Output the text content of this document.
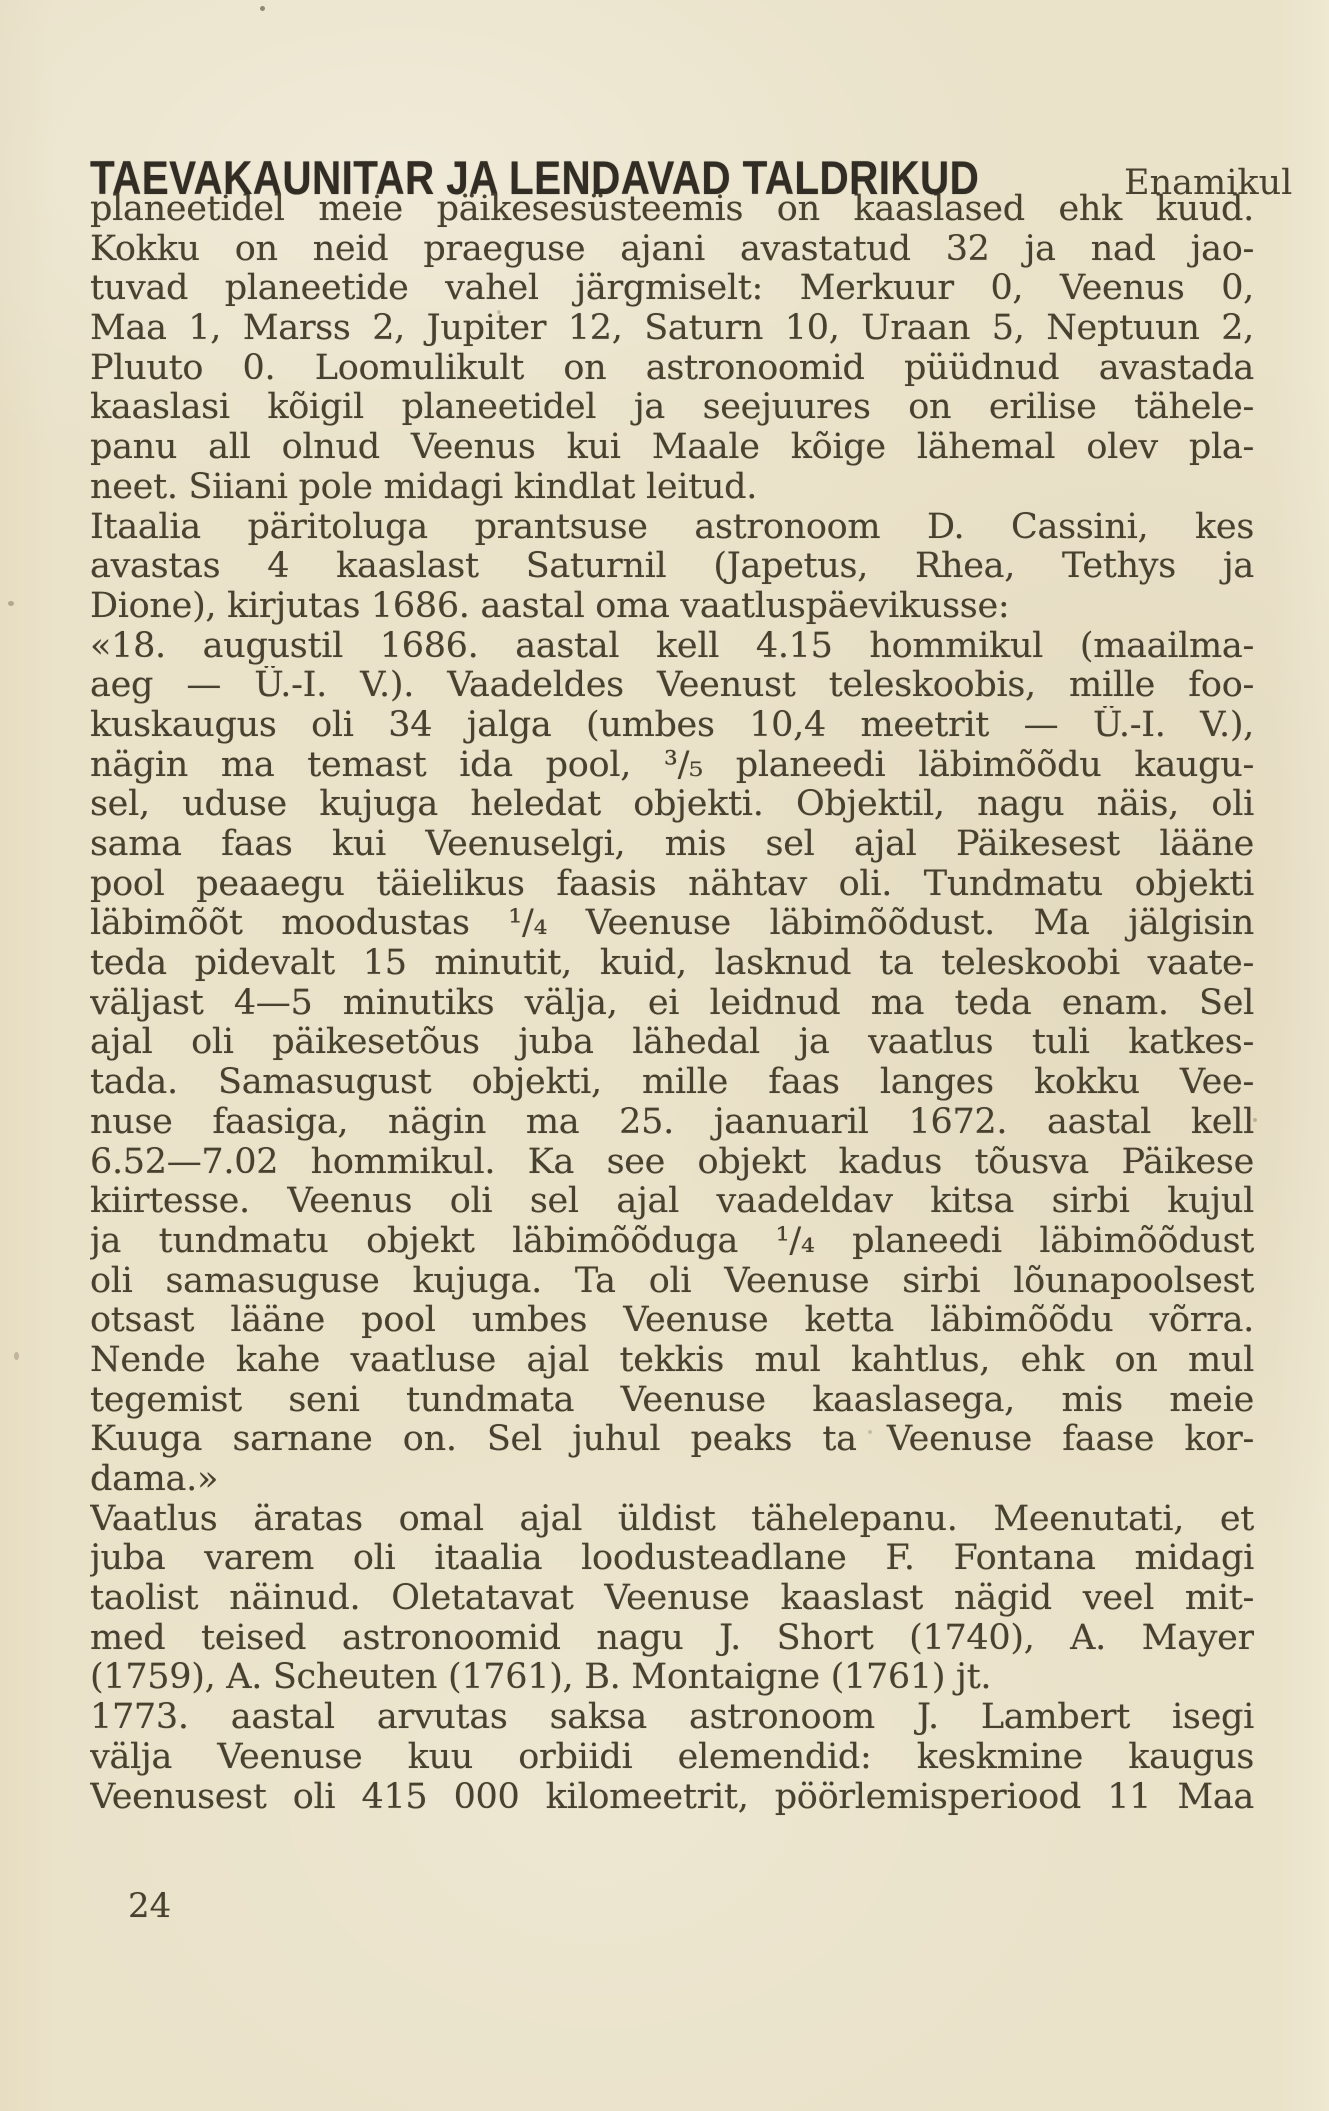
TAEVAKAUNITAR JA LENDAVAD TALDRIKUD	Enamikul
planeetidel meie päikesesüsteemis on kaaslased ehk kuud.
Kokku on neid praeguse ajani avastatud 32 ja nad jao-
tuvad planeetide vahel järgmiselt: Merkuur 0, Veenus 0,
Maa 1, Marss 2, Jupiter 12, Saturn 10, Uraan 5, Neptuun 2,
Pluuto 0. Loomulikult on astronoomid püüdnud avastada
kaaslasi kõigil planeetidel ja seejuures on erilise tähele-
panu all olnud Veenus kui Maale kõige lähemal olev pla-
neet. Siiani pole midagi kindlat leitud.
Itaalia päritoluga prantsuse astronoom D. Cassini, kes
avastas 4 kaaslast Saturnil (Japetus, Rhea, Tethys ja
Dione), kirjutas 1686. aastal oma vaatluspäevikusse:
«18. augustil 1686. aastal kell 4.15 hommikul (maailma-
aeg — Ü.-I. V.). Vaadeldes Veenust teleskoobis, mille foo-
kuskaugus oli 34 jalga (umbes 10,4 meetrit — Ü.-I. V.),
nägin ma temast ida pool, ³/₅ planeedi läbimõõdu kaugu-
sel, uduse kujuga heledat objekti. Objektil, nagu näis, oli
sama faas kui Veenuselgi, mis sel ajal Päikesest lääne
pool peaaegu täielikus faasis nähtav oli. Tundmatu objekti
läbimõõt moodustas ¹/₄ Veenuse läbimõõdust. Ma jälgisin
teda pidevalt 15 minutit, kuid, lasknud ta teleskoobi vaate-
väljast 4—5 minutiks välja, ei leidnud ma teda enam. Sel
ajal oli päikesetõus juba lähedal ja vaatlus tuli katkes-
tada. Samasugust objekti, mille faas langes kokku Vee-
nuse faasiga, nägin ma 25. jaanuaril 1672. aastal kell
6.52—7.02 hommikul. Ka see objekt kadus tõusva Päikese
kiirtesse. Veenus oli sel ajal vaadeldav kitsa sirbi kujul
ja tundmatu objekt läbimõõduga ¹/₄ planeedi läbimõõdust
oli samasuguse kujuga. Ta oli Veenuse sirbi lõunapoolsest
otsast lääne pool umbes Veenuse ketta läbimõõdu võrra.
Nende kahe vaatluse ajal tekkis mul kahtlus, ehk on mul
tegemist seni tundmata Veenuse kaaslasega, mis meie
Kuuga sarnane on. Sel juhul peaks ta Veenuse faase kor-
dama.»
Vaatlus äratas omal ajal üldist tähelepanu. Meenutati, et
juba varem oli itaalia loodusteadlane F. Fontana midagi
taolist näinud. Oletatavat Veenuse kaaslast nägid veel mit-
med teised astronoomid nagu J. Short (1740), A. Mayer
(1759), A. Scheuten (1761), B. Montaigne (1761) jt.
1773. aastal arvutas saksa astronoom J. Lambert isegi
välja Veenuse kuu orbiidi elemendid: keskmine kaugus
Veenusest oli 415 000 kilomeetrit, pöörlemisperiood 11 Maa
24
